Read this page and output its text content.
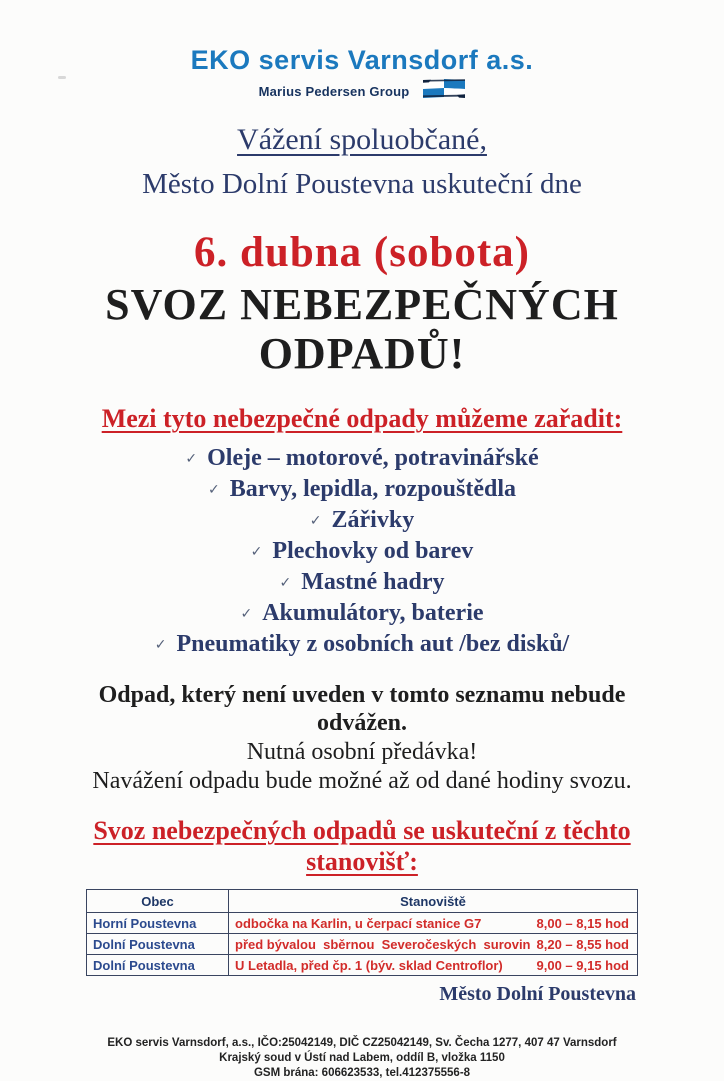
EKO servis Varnsdorf a.s.
Marius Pedersen Group
Vážení spoluobčané,
Město Dolní Poustevna uskuteční dne
6. dubna (sobota)
SVOZ NEBEZPEČNÝCH
ODPADŮ!
Mezi tyto nebezpečné odpady můžeme zařadit:
✓ Oleje – motorové, potravinářské
✓ Barvy, lepidla, rozpouštědla
✓ Zářivky
✓ Plechovky od barev
✓ Mastné hadry
✓ Akumulátory, baterie
✓ Pneumatiky z osobních aut /bez disků/
Odpad, který není uveden v tomto seznamu nebude odvážen.
Nutná osobní předávka!
Navážení odpadu bude možné až od dané hodiny svozu.
Svoz nebezpečných odpadů se uskuteční z těchto stanovišť:
Obec	Stanoviště
Horní Poustevna	odbočka na Karlin, u čerpací stanice G7 8,00 – 8,15 hod

Dolní Poustevna	před bývalou  sběrnou  Severočeských  surovin 8,20 – 8,55 hod

Dolní Poustevna	U Letadla, před čp. 1 (býv. sklad Centroflor) 9,00 – 9,15 hod
Město Dolní Poustevna
EKO servis Varnsdorf, a.s., IČO:25042149, DIČ CZ25042149, Sv. Čecha 1277, 407 47 Varnsdorf
Krajský soud v Ústí nad Labem, oddíl B, vložka 1150
GSM brána: 606623533, tel.412375556-8
